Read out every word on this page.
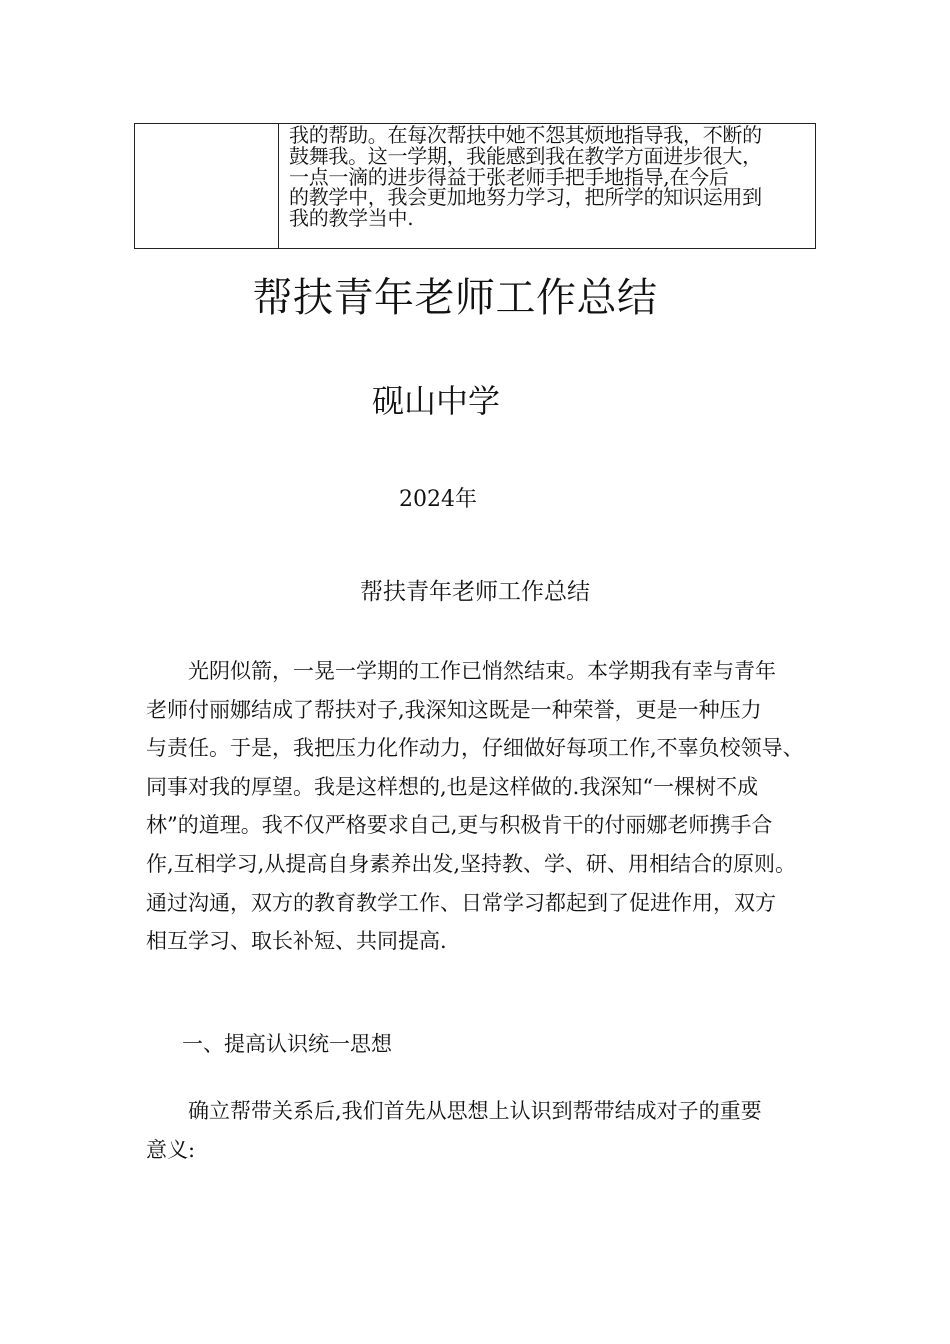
我的帮助。在每次帮扶中她不怨其烦地指导我，不断的
鼓舞我。这一学期，我能感到我在教学方面进步很大，
一点一滴的进步得益于张老师手把手地指导,在今后
的教学中，我会更加地努力学习，把所学的知识运用到
我的教学当中.
帮扶青年老师工作总结
砚山中学
2024年
帮扶青年老师工作总结
　　光阴似箭，一晃一学期的工作已悄然结束。本学期我有幸与青年
老师付丽娜结成了帮扶对子,我深知这既是一种荣誉，更是一种压力
与责任。于是，我把压力化作动力，仔细做好每项工作,不辜负校领导、
同事对我的厚望。我是这样想的,也是这样做的.我深知“一棵树不成
林”的道理。我不仅严格要求自己,更与积极肯干的付丽娜老师携手合
作,互相学习,从提高自身素养出发,坚持教、学、研、用相结合的原则。
通过沟通，双方的教育教学工作、日常学习都起到了促进作用，双方
相互学习、取长补短、共同提高.
一、提高认识统一思想
　　确立帮带关系后,我们首先从思想上认识到帮带结成对子的重要
意义:
